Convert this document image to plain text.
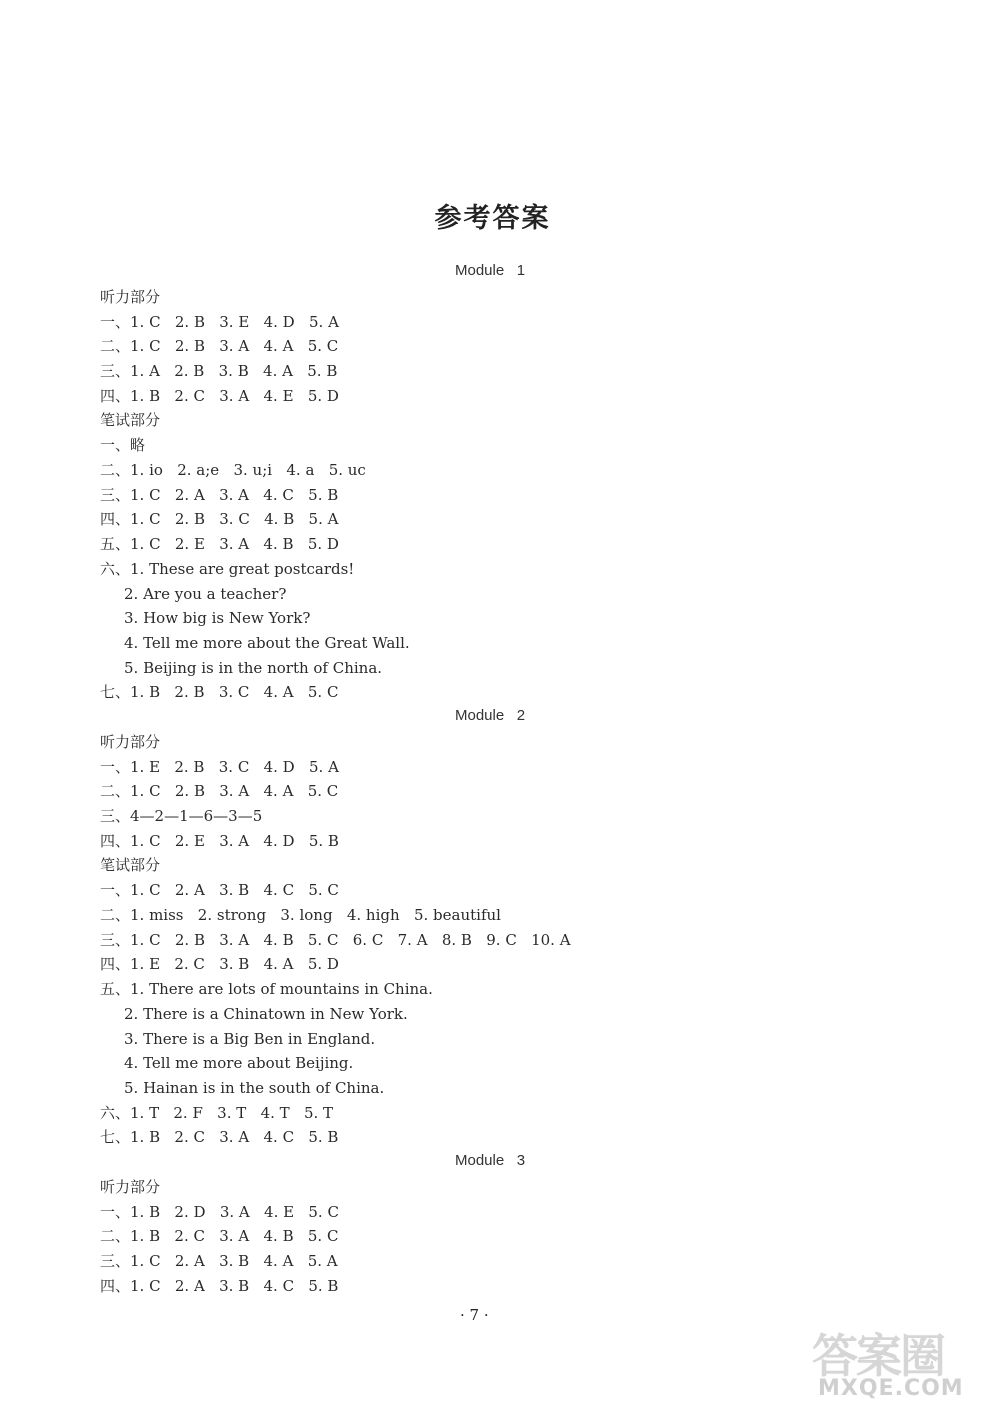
参考答案
Module   1
听力部分
一、1. C   2. B   3. E   4. D   5. A
二、1. C   2. B   3. A   4. A   5. C
三、1. A   2. B   3. B   4. A   5. B
四、1. B   2. C   3. A   4. E   5. D
笔试部分
一、略
二、1. io   2. a;e   3. u;i   4. a   5. uc
三、1. C   2. A   3. A   4. C   5. B
四、1. C   2. B   3. C   4. B   5. A
五、1. C   2. E   3. A   4. B   5. D
六、1. These are great postcards!
2. Are you a teacher?
3. How big is New York?
4. Tell me more about the Great Wall.
5. Beijing is in the north of China.
七、1. B   2. B   3. C   4. A   5. C
Module   2
听力部分
一、1. E   2. B   3. C   4. D   5. A
二、1. C   2. B   3. A   4. A   5. C
三、4—2—1—6—3—5
四、1. C   2. E   3. A   4. D   5. B
笔试部分
一、1. C   2. A   3. B   4. C   5. C
二、1. miss   2. strong   3. long   4. high   5. beautiful
三、1. C   2. B   3. A   4. B   5. C   6. C   7. A   8. B   9. C   10. A
四、1. E   2. C   3. B   4. A   5. D
五、1. There are lots of mountains in China.
2. There is a Chinatown in New York.
3. There is a Big Ben in England.
4. Tell me more about Beijing.
5. Hainan is in the south of China.
六、1. T   2. F   3. T   4. T   5. T
七、1. B   2. C   3. A   4. C   5. B
Module   3
听力部分
一、1. B   2. D   3. A   4. E   5. C
二、1. B   2. C   3. A   4. B   5. C
三、1. C   2. A   3. B   4. A   5. A
四、1. C   2. A   3. B   4. C   5. B
· 7 ·
答案圈
MXQE.COM
